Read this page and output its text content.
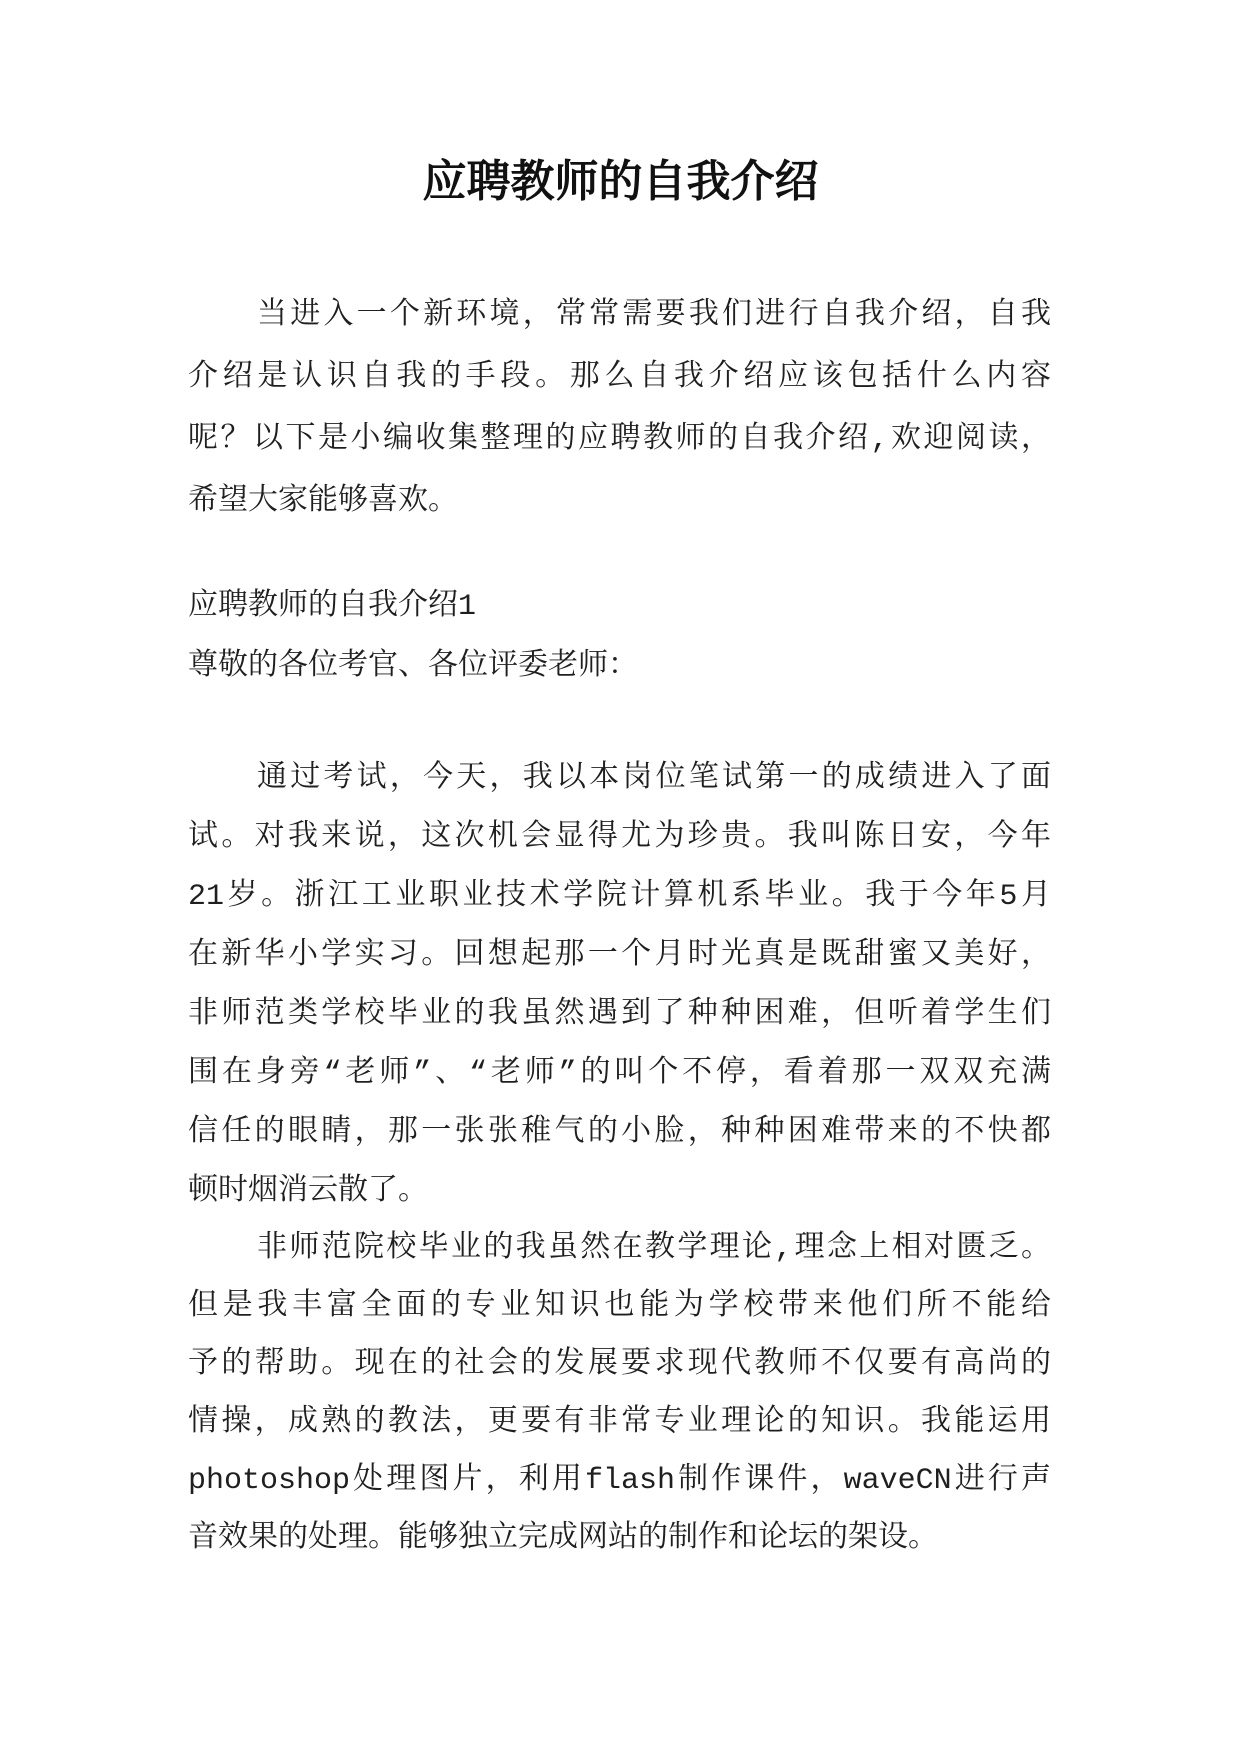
应聘教师的自我介绍
当进入一个新环境，常常需要我们进行自我介绍，自我
介绍是认识自我的手段。那么自我介绍应该包括什么内容
呢？以下是小编收集整理的应聘教师的自我介绍,欢迎阅读，
希望大家能够喜欢。
应聘教师的自我介绍1
尊敬的各位考官、各位评委老师：
通过考试，今天，我以本岗位笔试第一的成绩进入了面
试。对我来说，这次机会显得尤为珍贵。我叫陈日安，今年
21岁。浙江工业职业技术学院计算机系毕业。我于今年5月
在新华小学实习。回想起那一个月时光真是既甜蜜又美好，
非师范类学校毕业的我虽然遇到了种种困难，但听着学生们
围在身旁“老师”、“老师”的叫个不停，看着那一双双充满
信任的眼睛，那一张张稚气的小脸，种种困难带来的不快都
顿时烟消云散了。
非师范院校毕业的我虽然在教学理论,理念上相对匮乏。
但是我丰富全面的专业知识也能为学校带来他们所不能给
予的帮助。现在的社会的发展要求现代教师不仅要有高尚的
情操，成熟的教法，更要有非常专业理论的知识。我能运用
photoshop处理图片，利用flash制作课件，waveCN进行声
音效果的处理。能够独立完成网站的制作和论坛的架设。
